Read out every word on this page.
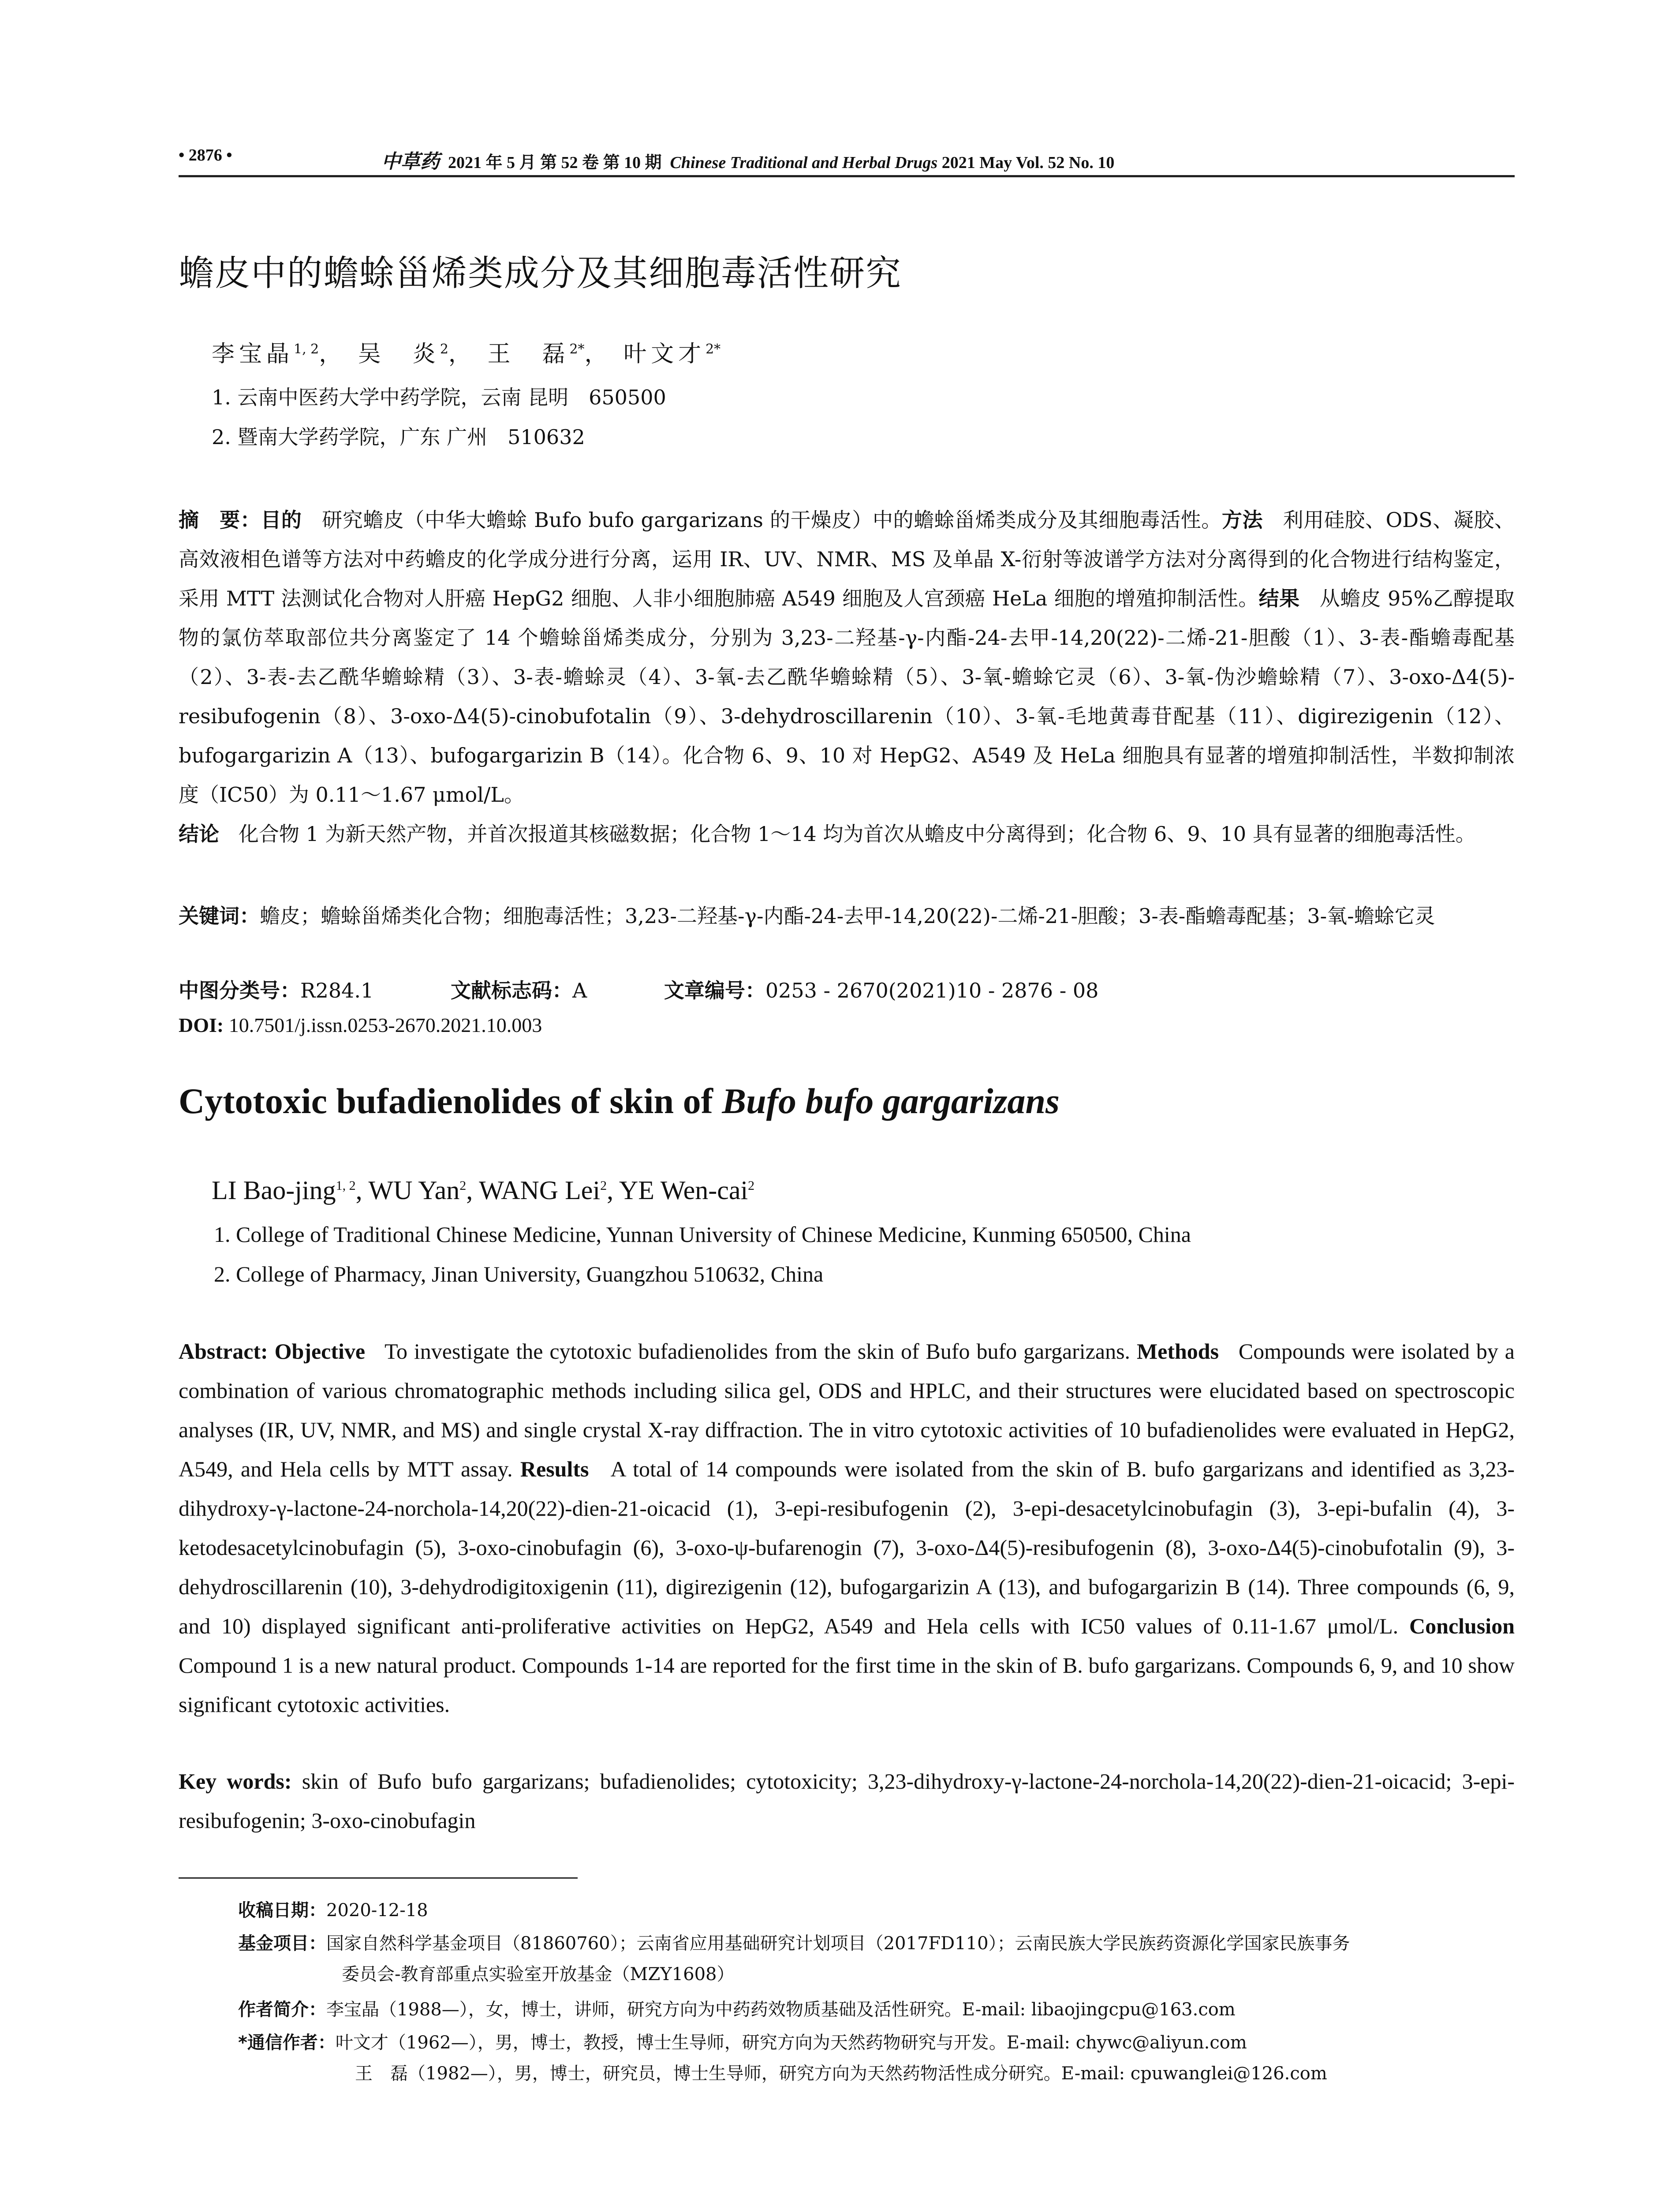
• 2876 •	中草药 2021 年 5 月 第 52 卷 第 10 期 Chinese Traditional and Herbal Drugs 2021 May Vol. 52 No. 10
蟾皮中的蟾蜍甾烯类成分及其细胞毒活性研究
李宝晶$^{1, 2}$， 吴　炎$^2$， 王　磊$^{2*}$， 叶文才$^{2*}$
1. 云南中医药大学中药学院，云南 昆明　650500
2. 暨南大学药学院，广东 广州　510632
摘　要：目的 研究蟾皮（中华大蟾蜍 Bufo bufo gargarizans 的干燥皮）中的蟾蜍甾烯类成分及其细胞毒活性。方法 利用硅胶、ODS、凝胶、高效液相色谱等方法对中药蟾皮的化学成分进行分离，运用 IR、UV、NMR、MS 及单晶 X-衍射等波谱学方法对分离得到的化合物进行结构鉴定，采用 MTT 法测试化合物对人肝癌 HepG2 细胞、人非小细胞肺癌 A549 细胞及人宫颈癌 HeLa 细胞的增殖抑制活性。结果 从蟾皮 95%乙醇提取物的氯仿萃取部位共分离鉴定了 14 个蟾蜍甾烯类成分，分别为 3,23-二羟基-γ-内酯-24-去甲-14,20(22)-二烯-21-胆酸（1）、3-表-酯蟾毒配基（2）、3-表-去乙酰华蟾蜍精（3）、3-表-蟾蜍灵（4）、3-氧-去乙酰华蟾蜍精（5）、3-氧-蟾蜍它灵（6）、3-氧-伪沙蟾蜍精（7）、3-oxo-Δ4(5)-resibufogenin（8）、3-oxo-Δ4(5)-cinobufotalin（9）、3-dehydroscillarenin（10）、3-氧-毛地黄毒苷配基（11）、digirezigenin（12）、bufogargarizin A（13）、bufogargarizin B（14）。化合物 6、9、10 对 HepG2、A549 及 HeLa 细胞具有显著的增殖抑制活性，半数抑制浓度（IC50）为 0.11～1.67 μmol/L。
结论 化合物 1 为新天然产物，并首次报道其核磁数据；化合物 1～14 均为首次从蟾皮中分离得到；化合物 6、9、10 具有显著的细胞毒活性。
关键词：蟾皮；蟾蜍甾烯类化合物；细胞毒活性；3,23-二羟基-γ-内酯-24-去甲-14,20(22)-二烯-21-胆酸；3-表-酯蟾毒配基；3-氧-蟾蜍它灵
中图分类号：R284.1	文献标志码：A	文章编号：0253 - 2670(2021)10 - 2876 - 08
DOI: 10.7501/j.issn.0253-2670.2021.10.003
Cytotoxic bufadienolides of skin of Bufo bufo gargarizans
LI Bao-jing$^{1, 2}$, WU Yan$^2$, WANG Lei$^2$, YE Wen-cai$^2$
1. College of Traditional Chinese Medicine, Yunnan University of Chinese Medicine, Kunming 650500, China
2. College of Pharmacy, Jinan University, Guangzhou 510632, China
Abstract: Objective To investigate the cytotoxic bufadienolides from the skin of Bufo bufo gargarizans. Methods Compounds were isolated by a combination of various chromatographic methods including silica gel, ODS and HPLC, and their structures were elucidated based on spectroscopic analyses (IR, UV, NMR, and MS) and single crystal X-ray diffraction. The in vitro cytotoxic activities of 10 bufadienolides were evaluated in HepG2, A549, and Hela cells by MTT assay. Results A total of 14 compounds were isolated from the skin of B. bufo gargarizans and identified as 3,23-dihydroxy-γ-lactone-24-norchola-14,20(22)-dien-21-oicacid (1), 3-epi-resibufogenin (2), 3-epi-desacetylcinobufagin (3), 3-epi-bufalin (4), 3-ketodesacetylcinobufagin (5), 3-oxo-cinobufagin (6), 3-oxo-ψ-bufarenogin (7), 3-oxo-Δ4(5)-resibufogenin (8), 3-oxo-Δ4(5)-cinobufotalin (9), 3-dehydroscillarenin (10), 3-dehydrodigitoxigenin (11), digirezigenin (12), bufogargarizin A (13), and bufogargarizin B (14). Three compounds (6, 9, and 10) displayed significant anti-proliferative activities on HepG2, A549 and Hela cells with IC50 values of 0.11-1.67 μmol/L. Conclusion Compound 1 is a new natural product. Compounds 1-14 are reported for the first time in the skin of B. bufo gargarizans. Compounds 6, 9, and 10 show significant cytotoxic activities.
Key words: skin of Bufo bufo gargarizans; bufadienolides; cytotoxicity; 3,23-dihydroxy-γ-lactone-24-norchola-14,20(22)-dien-21-oicacid; 3-epi-resibufogenin; 3-oxo-cinobufagin
收稿日期：2020-12-18
基金项目：国家自然科学基金项目（81860760）；云南省应用基础研究计划项目（2017FD110）；云南民族大学民族药资源化学国家民族事务
委员会-教育部重点实验室开放基金（MZY1608）
作者简介：李宝晶（1988—），女，博士，讲师，研究方向为中药药效物质基础及活性研究。E-mail: libaojingcpu@163.com
*通信作者：叶文才（1962—），男，博士，教授，博士生导师，研究方向为天然药物研究与开发。E-mail: chywc@aliyun.com
王　磊（1982—），男，博士，研究员，博士生导师，研究方向为天然药物活性成分研究。E-mail: cpuwanglei@126.com
